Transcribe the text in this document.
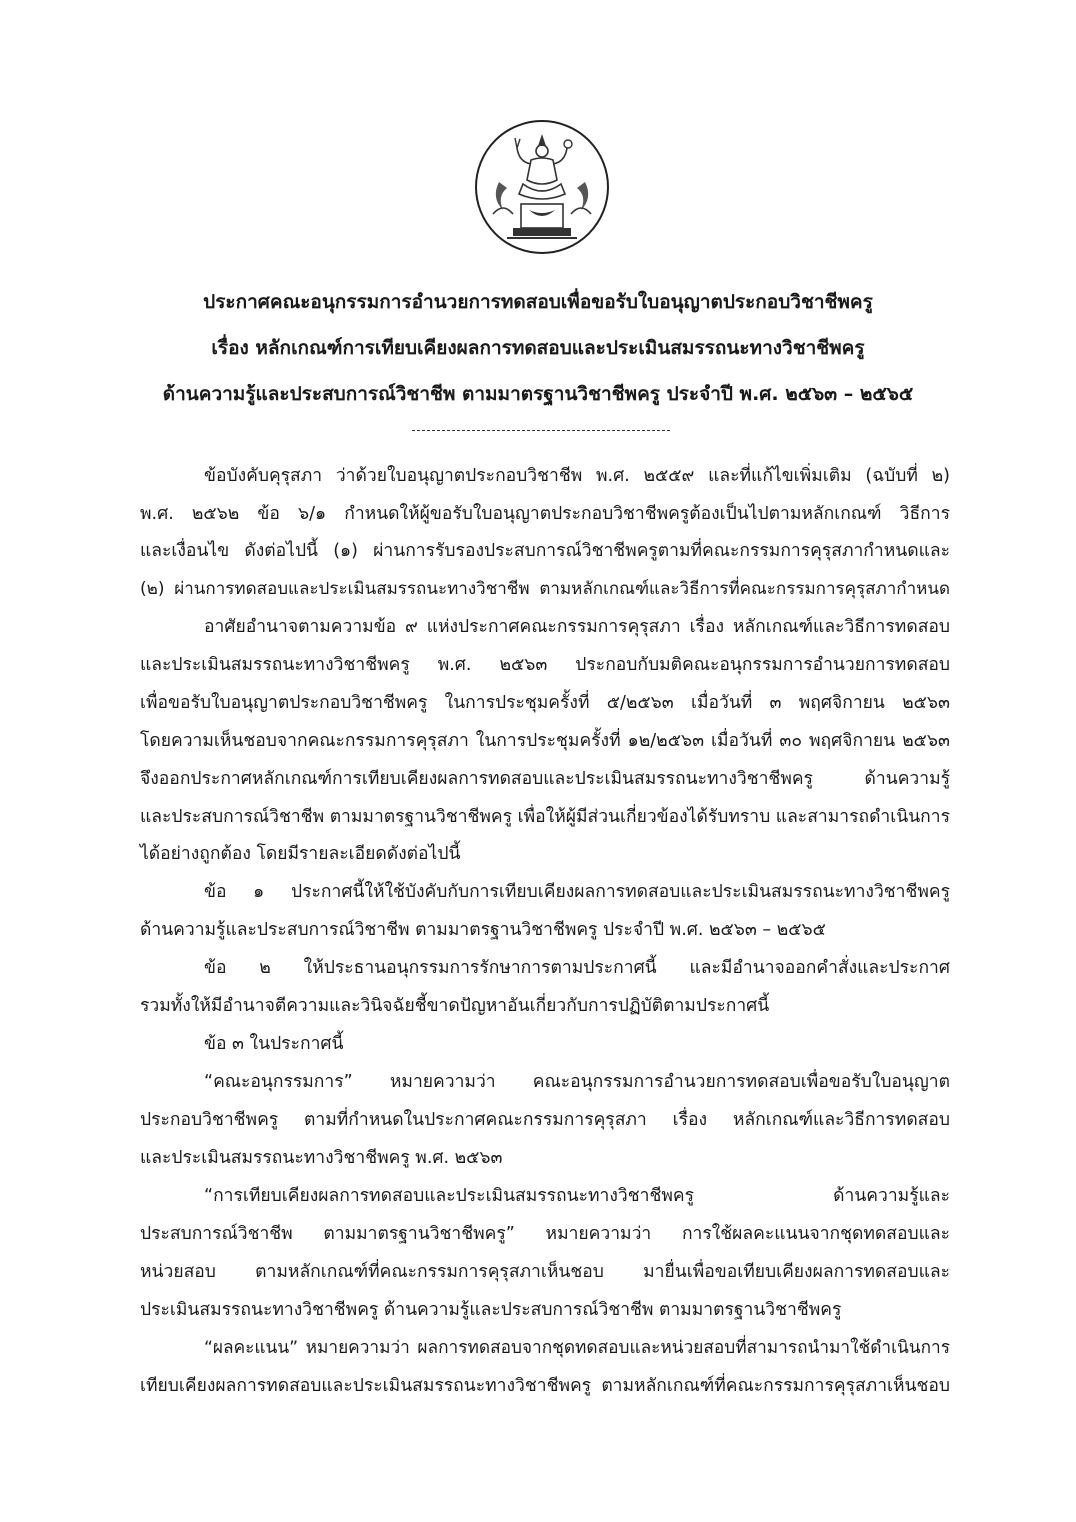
ประกาศคณะอนุกรรมการอำนวยการทดสอบเพื่อขอรับใบอนุญาตประกอบวิชาชีพครู
เรื่อง หลักเกณฑ์การเทียบเคียงผลการทดสอบและประเมินสมรรถนะทางวิชาชีพครู
ด้านความรู้และประสบการณ์วิชาชีพ ตามมาตรฐานวิชาชีพครู ประจำปี พ.ศ. ๒๕๖๓ – ๒๕๖๕
ข้อบังคับคุรุสภา ว่าด้วยใบอนุญาตประกอบวิชาชีพ พ.ศ. ๒๕๕๙ และที่แก้ไขเพิ่มเติม (ฉบับที่ ๒)
พ.ศ. ๒๕๖๒ ข้อ ๖/๑ กำหนดให้ผู้ขอรับใบอนุญาตประกอบวิชาชีพครูต้องเป็นไปตามหลักเกณฑ์ วิธีการ
และเงื่อนไข ดังต่อไปนี้ (๑) ผ่านการรับรองประสบการณ์วิชาชีพครูตามที่คณะกรรมการคุรุสภากำหนดและ
(๒) ผ่านการทดสอบและประเมินสมรรถนะทางวิชาชีพ ตามหลักเกณฑ์และวิธีการที่คณะกรรมการคุรุสภากำหนด
อาศัยอำนาจตามความข้อ ๙ แห่งประกาศคณะกรรมการคุรุสภา เรื่อง หลักเกณฑ์และวิธีการทดสอบ
และประเมินสมรรถนะทางวิชาชีพครู พ.ศ. ๒๕๖๓ ประกอบกับมติคณะอนุกรรมการอำนวยการทดสอบ
เพื่อขอรับใบอนุญาตประกอบวิชาชีพครู ในการประชุมครั้งที่ ๕/๒๕๖๓ เมื่อวันที่ ๓ พฤศจิกายน ๒๕๖๓
โดยความเห็นชอบจากคณะกรรมการคุรุสภา ในการประชุมครั้งที่ ๑๒/๒๕๖๓ เมื่อวันที่ ๓๐ พฤศจิกายน ๒๕๖๓
จึงออกประกาศหลักเกณฑ์การเทียบเคียงผลการทดสอบและประเมินสมรรถนะทางวิชาชีพครู ด้านความรู้
และประสบการณ์วิชาชีพ ตามมาตรฐานวิชาชีพครู เพื่อให้ผู้มีส่วนเกี่ยวข้องได้รับทราบ และสามารถดำเนินการ
ได้อย่างถูกต้อง โดยมีรายละเอียดดังต่อไปนี้
ข้อ ๑ ประกาศนี้ให้ใช้บังคับกับการเทียบเคียงผลการทดสอบและประเมินสมรรถนะทางวิชาชีพครู
ด้านความรู้และประสบการณ์วิชาชีพ ตามมาตรฐานวิชาชีพครู ประจำปี พ.ศ. ๒๕๖๓ – ๒๕๖๕
ข้อ ๒ ให้ประธานอนุกรรมการรักษาการตามประกาศนี้ และมีอำนาจออกคำสั่งและประกาศ
รวมทั้งให้มีอำนาจตีความและวินิจฉัยชี้ขาดปัญหาอันเกี่ยวกับการปฏิบัติตามประกาศนี้
ข้อ ๓ ในประกาศนี้
“คณะอนุกรรมการ” หมายความว่า คณะอนุกรรมการอำนวยการทดสอบเพื่อขอรับใบอนุญาต
ประกอบวิชาชีพครู ตามที่กำหนดในประกาศคณะกรรมการคุรุสภา เรื่อง หลักเกณฑ์และวิธีการทดสอบ
และประเมินสมรรถนะทางวิชาชีพครู พ.ศ. ๒๕๖๓
“การเทียบเคียงผลการทดสอบและประเมินสมรรถนะทางวิชาชีพครู ด้านความรู้และ
ประสบการณ์วิชาชีพ ตามมาตรฐานวิชาชีพครู” หมายความว่า การใช้ผลคะแนนจากชุดทดสอบและ
หน่วยสอบ ตามหลักเกณฑ์ที่คณะกรรมการคุรุสภาเห็นชอบ มายื่นเพื่อขอเทียบเคียงผลการทดสอบและ
ประเมินสมรรถนะทางวิชาชีพครู ด้านความรู้และประสบการณ์วิชาชีพ ตามมาตรฐานวิชาชีพครู
“ผลคะแนน” หมายความว่า ผลการทดสอบจากชุดทดสอบและหน่วยสอบที่สามารถนำมาใช้ดำเนินการ
เทียบเคียงผลการทดสอบและประเมินสมรรถนะทางวิชาชีพครู ตามหลักเกณฑ์ที่คณะกรรมการคุรุสภาเห็นชอบ
